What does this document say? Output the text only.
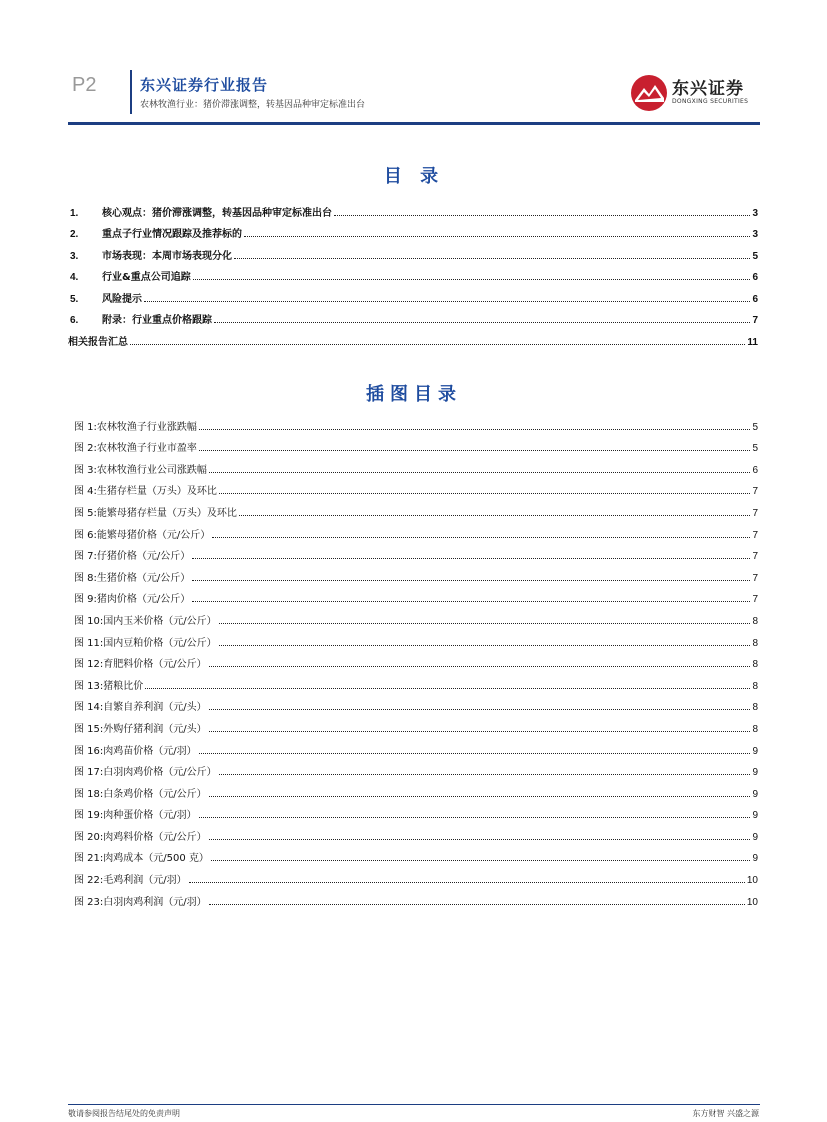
P2	东兴证券行业报告
农林牧渔行业：猪价滞涨调整，转基因品种审定标准出台
东兴证券
DONGXING SECURITIES
目 录
1.	核心观点：猪价滞涨调整，转基因品种审定标准出台	3
2.	重点子行业情况跟踪及推荐标的	3
3.	市场表现：本周市场表现分化	5
4.	行业&重点公司追踪	6
5.	风险提示	6
6.	附录：行业重点价格跟踪	7
相关报告汇总	11
插图目录
图 1:农林牧渔子行业涨跌幅	5
图 2:农林牧渔子行业市盈率	5
图 3:农林牧渔行业公司涨跌幅	6
图 4:生猪存栏量（万头）及环比	7
图 5:能繁母猪存栏量（万头）及环比	7
图 6:能繁母猪价格（元/公斤）	7
图 7:仔猪价格（元/公斤）	7
图 8:生猪价格（元/公斤）	7
图 9:猪肉价格（元/公斤）	7
图 10:国内玉米价格（元/公斤）	8
图 11:国内豆粕价格（元/公斤）	8
图 12:育肥料价格（元/公斤）	8
图 13:猪粮比价	8
图 14:自繁自养利润（元/头）	8
图 15:外购仔猪利润（元/头）	8
图 16:肉鸡苗价格（元/羽）	9
图 17:白羽肉鸡价格（元/公斤）	9
图 18:白条鸡价格（元/公斤）	9
图 19:肉种蛋价格（元/羽）	9
图 20:肉鸡料价格（元/公斤）	9
图 21:肉鸡成本（元/500 克）	9
图 22:毛鸡利润（元/羽）	10
图 23:白羽肉鸡利润（元/羽）	10
敬请参阅报告结尾处的免责声明	东方财智 兴盛之源
